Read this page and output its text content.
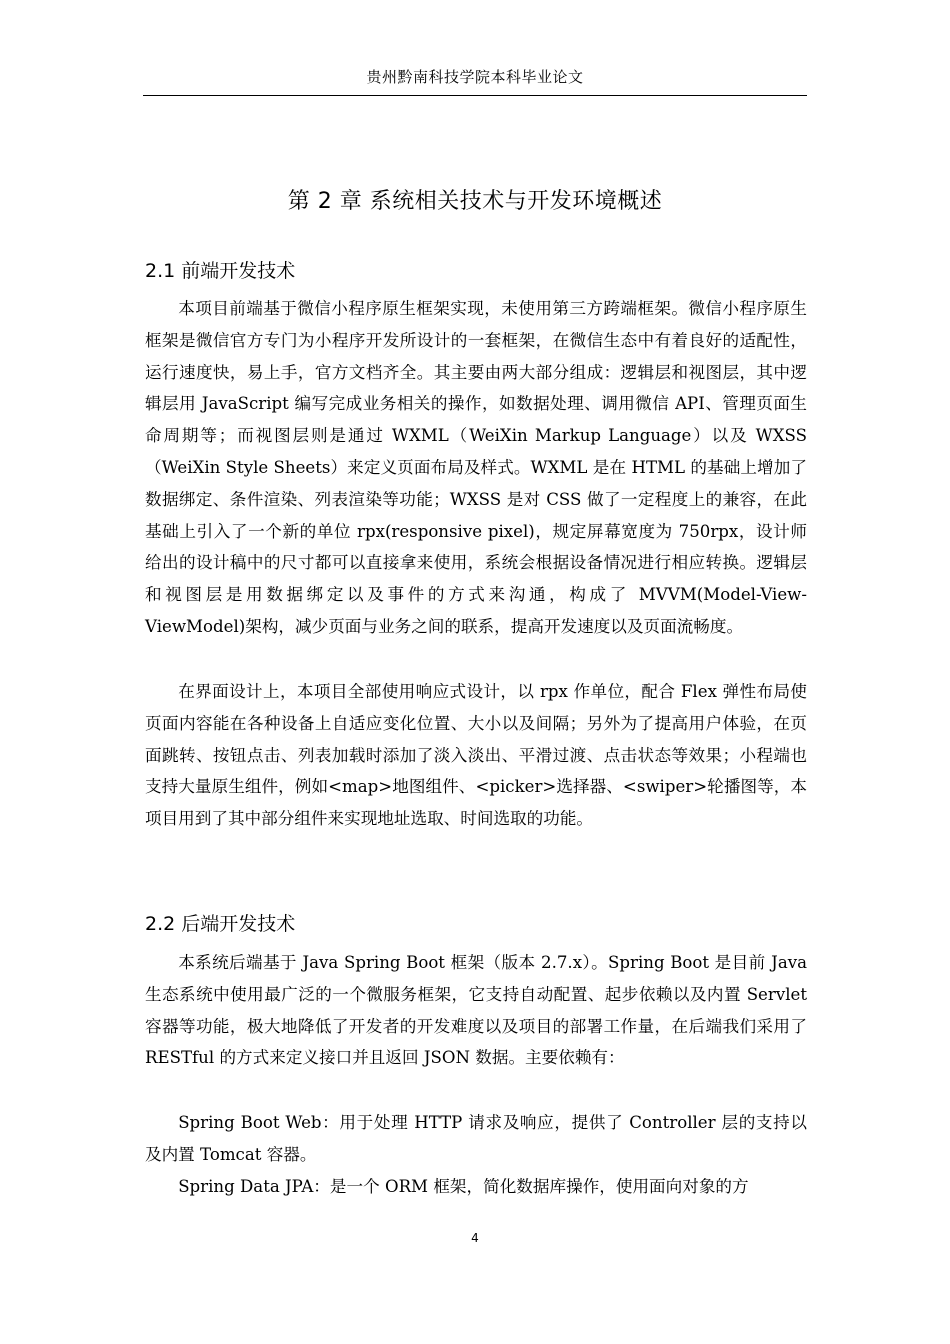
贵州黔南科技学院本科毕业论文
第 2 章 系统相关技术与开发环境概述
2.1 前端开发技术

本项目前端基于微信小程序原生框架实现，未使用第三方跨端框架。微信小程序原生框架是微信官方专门为小程序开发所设计的一套框架，在微信生态中有着良好的适配性，运行速度快，易上手，官方文档齐全。其主要由两大部分组成：逻辑层和视图层，其中逻辑层用 JavaScript 编写完成业务相关的操作，如数据处理、调用微信 API、管理页面生命周期等；而视图层则是通过 WXML（WeiXin Markup Language）以及 WXSS（WeiXin Style Sheets）来定义页面布局及样式。WXML 是在 HTML 的基础上增加了数据绑定、条件渲染、列表渲染等功能；WXSS 是对 CSS 做了一定程度上的兼容，在此基础上引入了一个新的单位 rpx(responsive pixel)，规定屏幕宽度为 750rpx，设计师给出的设计稿中的尺寸都可以直接拿来使用，系统会根据设备情况进行相应转换。逻辑层和视图层是用数据绑定以及事件的方式来沟通，构成了 MVVM(Model-View-ViewModel)架构，减少页面与业务之间的联系，提高开发速度以及页面流畅度。

在界面设计上，本项目全部使用响应式设计，以 rpx 作单位，配合 Flex 弹性布局使页面内容能在各种设备上自适应变化位置、大小以及间隔；另外为了提高用户体验，在页面跳转、按钮点击、列表加载时添加了淡入淡出、平滑过渡、点击状态等效果；小程端也支持大量原生组件，例如<map>地图组件、<picker>选择器、<swiper>轮播图等，本项目用到了其中部分组件来实现地址选取、时间选取的功能。

2.2 后端开发技术

本系统后端基于 Java Spring Boot 框架（版本 2.7.x）。Spring Boot 是目前 Java 生态系统中使用最广泛的一个微服务框架，它支持自动配置、起步依赖以及内置 Servlet 容器等功能，极大地降低了开发者的开发难度以及项目的部署工作量，在后端我们采用了 RESTful 的方式来定义接口并且返回 JSON 数据。主要依赖有：

Spring Boot Web：用于处理 HTTP 请求及响应，提供了 Controller 层的支持以及内置 Tomcat 容器。

Spring Data JPA：是一个 ORM 框架，简化数据库操作，使用面向对象的方

4
